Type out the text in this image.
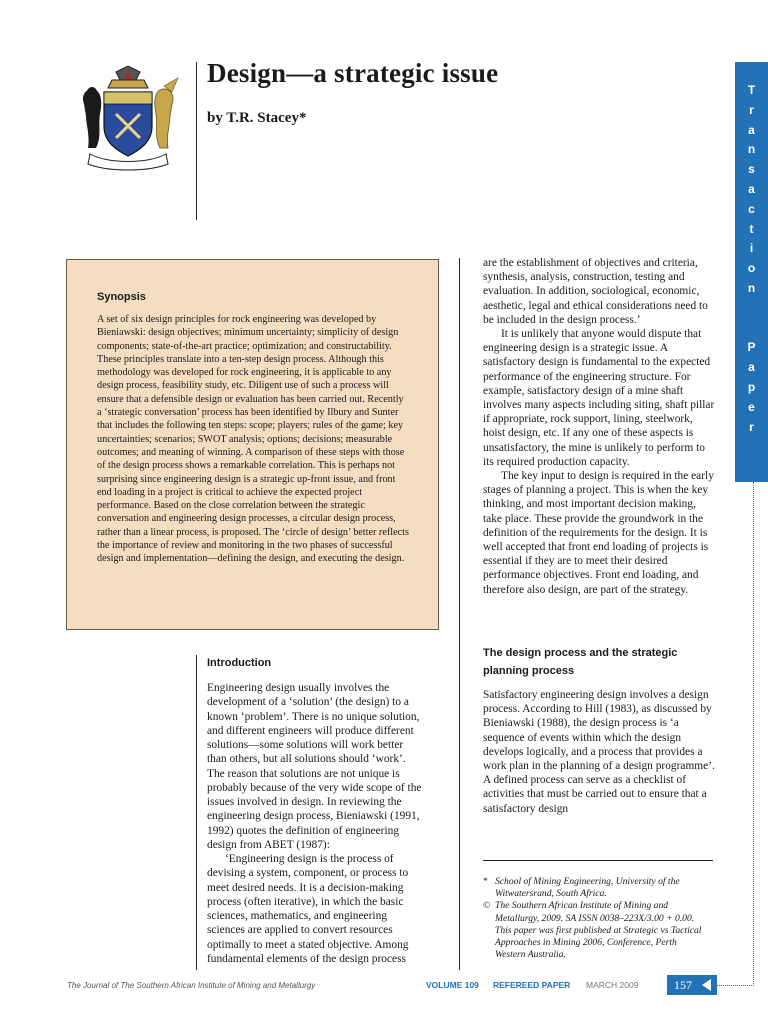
Design—a strategic issue
by T.R. Stacey*
T
r
a
n
s
a
c
t
i
o
n
P
a
p
e
r
Synopsis
A set of six design principles for rock engineering was developed by Bieniawski: design objectives; minimum uncertainty; simplicity of design components; state-of-the-art practice; optimization; and constructability. These principles translate into a ten-step design process. Although this methodology was developed for rock engineering, it is applicable to any design process, feasibility study, etc. Diligent use of such a process will ensure that a defensible design or evaluation has been carried out. Recently a ‘strategic conversation’ process has been identified by Ilbury and Sunter that includes the following ten steps: scope; players; rules of the game; key uncertainties; scenarios; SWOT analysis; options; decisions; measurable outcomes; and meaning of winning. A comparison of these steps with those of the design process shows a remarkable correlation. This is perhaps not surprising since engineering design is a strategic up-front issue, and front end loading in a project is critical to achieve the expected project performance. Based on the close correlation between the strategic conversation and engineering design processes, a circular design process, rather than a linear process, is proposed. The ‘circle of design’ better reflects the importance of review and monitoring in the two phases of successful design and implementation—defining the design, and executing the design.
Introduction

Engineering design usually involves the development of a ‘solution’ (the design) to a known ‘problem’. There is no unique solution, and different engineers will produce different solutions—some solutions will work better than others, but all solutions should ‘work’. The reason that solutions are not unique is probably because of the very wide scope of the issues involved in design. In reviewing the engineering design process, Bieniawski (1991, 1992) quotes the definition of engineering design from ABET (1987):

‘Engineering design is the process of devising a system, component, or process to meet desired needs. It is a decision-making process (often iterative), in which the basic sciences, mathematics, and engineering sciences are applied to convert resources optimally to meet a stated objective. Among fundamental elements of the design process

are the establishment of objectives and criteria, synthesis, analysis, construction, testing and evaluation. In addition, sociological, economic, aesthetic, legal and ethical considerations need to be included in the design process.’

It is unlikely that anyone would dispute that engineering design is a strategic issue. A satisfactory design is fundamental to the expected performance of the engineering structure. For example, satisfactory design of a mine shaft involves many aspects including siting, shaft pillar if appropriate, rock support, lining, steelwork, hoist design, etc. If any one of these aspects is unsatisfactory, the mine is unlikely to perform to its required production capacity.

The key input to design is required in the early stages of planning a project. This is when the key thinking, and most important decision making, take place. These provide the groundwork in the definition of the requirements for the design. It is well accepted that front end loading of projects is essential if they are to meet their desired performance objectives. Front end loading, and therefore also design, are part of the strategy.

The design process and the strategic planning process
Satisfactory engineering design involves a design process. According to Hill (1983), as discussed by Bieniawski (1988), the design process is ‘a sequence of events within which the design develops logically, and a process that provides a work plan in the planning of a design programme’. A defined process can serve as a checklist of activities that must be carried out to ensure that a satisfactory design
* School of Mining Engineering, University of the Witwatersrand, South Africa.
© The Southern African Institute of Mining and Metallurgy, 2009. SA ISSN 0038–223X/3.00 + 0.00. This paper was first published at Strategic vs Tactical Approaches in Mining 2006, Conference, Perth Western Australia.
The Journal of The Southern African Institute of Mining and Metallurgy	VOLUME 109 REFEREED PAPER MARCH 2009	157
